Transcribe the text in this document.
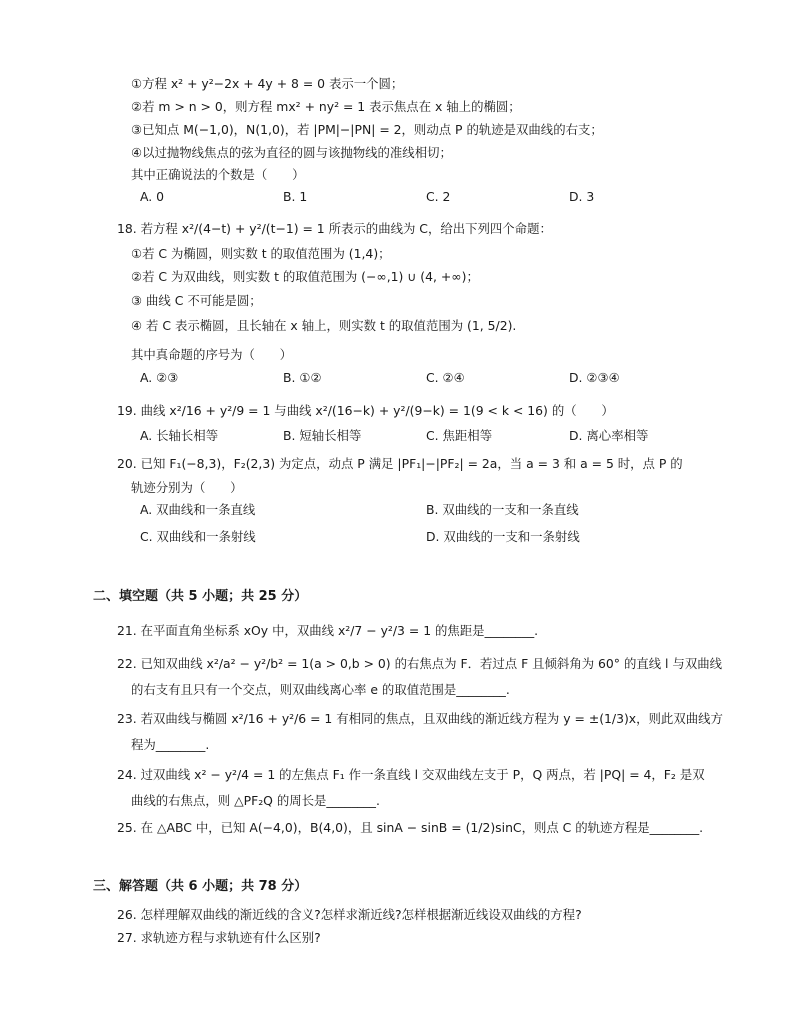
①方程 x² + y²−2x + 4y + 8 = 0 表示一个圆；
②若 m > n > 0，则方程 mx² + ny² = 1 表示焦点在 x 轴上的椭圆；
③已知点 M(−1,0)，N(1,0)，若 |PM|−|PN| = 2，则动点 P 的轨迹是双曲线的右支；
④以过抛物线焦点的弦为直径的圆与该抛物线的准线相切；
其中正确说法的个数是（　　）
A. 0	B. 1	C. 2	D. 3
18. 若方程 x²/(4−t) + y²/(t−1) = 1 所表示的曲线为 C，给出下列四个命题：
①若 C 为椭圆，则实数 t 的取值范围为 (1,4)；
②若 C 为双曲线，则实数 t 的取值范围为 (−∞,1) ∪ (4, +∞)；
③ 曲线 C 不可能是圆；
④ 若 C 表示椭圆，且长轴在 x 轴上，则实数 t 的取值范围为 (1, 5/2).
其中真命题的序号为（　　）
A. ②③	B. ①②	C. ②④	D. ②③④
19. 曲线 x²/16 + y²/9 = 1 与曲线 x²/(16−k) + y²/(9−k) = 1(9 < k < 16) 的（　　）
A. 长轴长相等	B. 短轴长相等	C. 焦距相等	D. 离心率相等
20. 已知 F₁(−8,3)，F₂(2,3) 为定点，动点 P 满足 |PF₁|−|PF₂| = 2a，当 a = 3 和 a = 5 时，点 P 的
轨迹分别为（　　）
A. 双曲线和一条直线	B. 双曲线的一支和一条直线
C. 双曲线和一条射线	D. 双曲线的一支和一条射线
二、填空题（共 5 小题；共 25 分）
21. 在平面直角坐标系 xOy 中，双曲线 x²/7 − y²/3 = 1 的焦距是________.
22. 已知双曲线 x²/a² − y²/b² = 1(a > 0,b > 0) 的右焦点为 F．若过点 F 且倾斜角为 60° 的直线 l 与双曲线
的右支有且只有一个交点，则双曲线离心率 e 的取值范围是________.
23. 若双曲线与椭圆 x²/16 + y²/6 = 1 有相同的焦点，且双曲线的渐近线方程为 y = ±(1/3)x，则此双曲线方
程为________.
24. 过双曲线 x² − y²/4 = 1 的左焦点 F₁ 作一条直线 l 交双曲线左支于 P，Q 两点，若 |PQ| = 4，F₂ 是双
曲线的右焦点，则 △PF₂Q 的周长是________.
25. 在 △ABC 中，已知 A(−4,0)，B(4,0)，且 sinA − sinB = (1/2)sinC，则点 C 的轨迹方程是________.
三、解答题（共 6 小题；共 78 分）
26. 怎样理解双曲线的渐近线的含义?怎样求渐近线?怎样根据渐近线设双曲线的方程?
27. 求轨迹方程与求轨迹有什么区别?
